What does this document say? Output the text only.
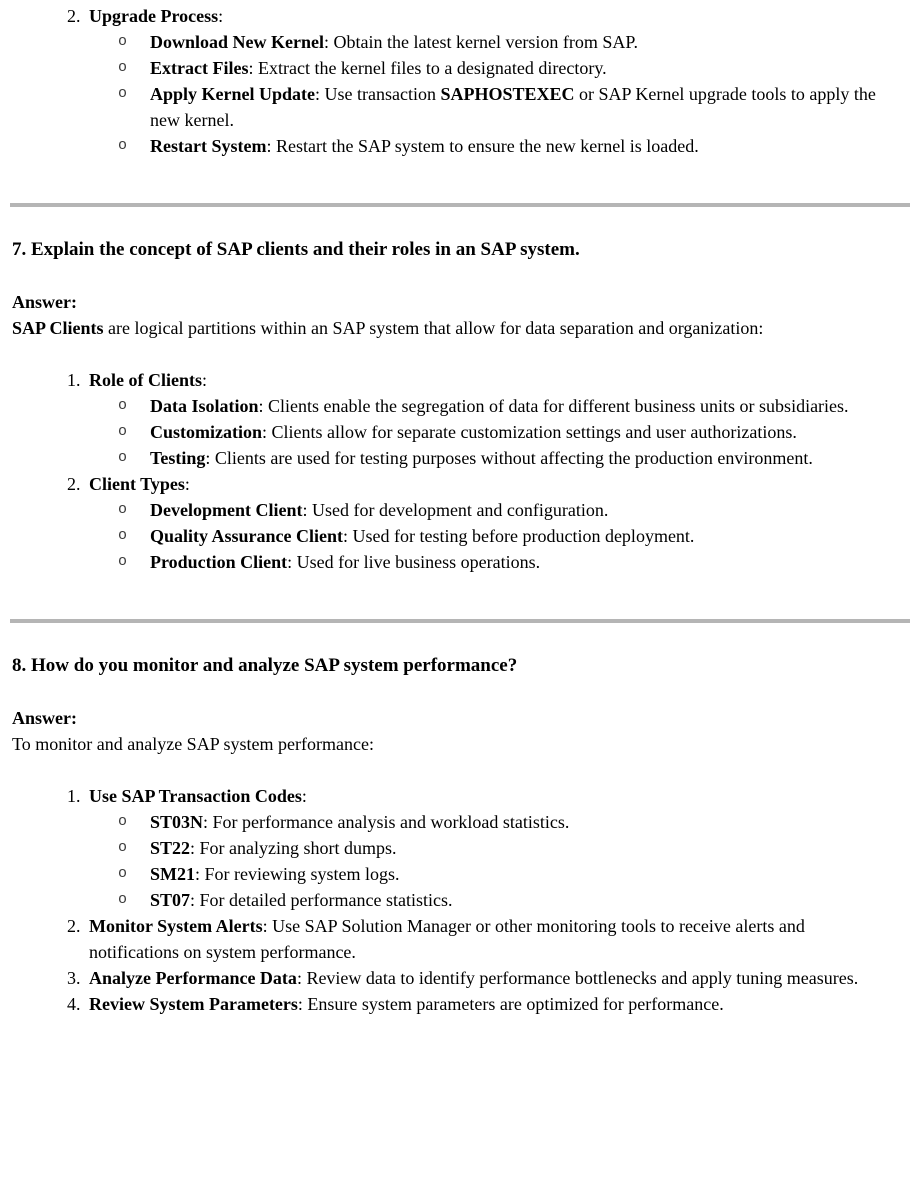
2. Upgrade Process:
o Download New Kernel: Obtain the latest kernel version from SAP.
o Extract Files: Extract the kernel files to a designated directory.
o Apply Kernel Update: Use transaction SAPHOSTEXEC or SAP Kernel upgrade tools to apply the new kernel.
o Restart System: Restart the SAP system to ensure the new kernel is loaded.
7. Explain the concept of SAP clients and their roles in an SAP system.

Answer:
SAP Clients are logical partitions within an SAP system that allow for data separation and organization:

1. Role of Clients:
o Data Isolation: Clients enable the segregation of data for different business units or subsidiaries.
o Customization: Clients allow for separate customization settings and user authorizations.
o Testing: Clients are used for testing purposes without affecting the production environment.
2. Client Types:
o Development Client: Used for development and configuration.
o Quality Assurance Client: Used for testing before production deployment.
o Production Client: Used for live business operations.
8. How do you monitor and analyze SAP system performance?

Answer:
To monitor and analyze SAP system performance:

1. Use SAP Transaction Codes:
o ST03N: For performance analysis and workload statistics.
o ST22: For analyzing short dumps.
o SM21: For reviewing system logs.
o ST07: For detailed performance statistics.
2. Monitor System Alerts: Use SAP Solution Manager or other monitoring tools to receive alerts and notifications on system performance.
3. Analyze Performance Data: Review data to identify performance bottlenecks and apply tuning measures.
4. Review System Parameters: Ensure system parameters are optimized for performance.
